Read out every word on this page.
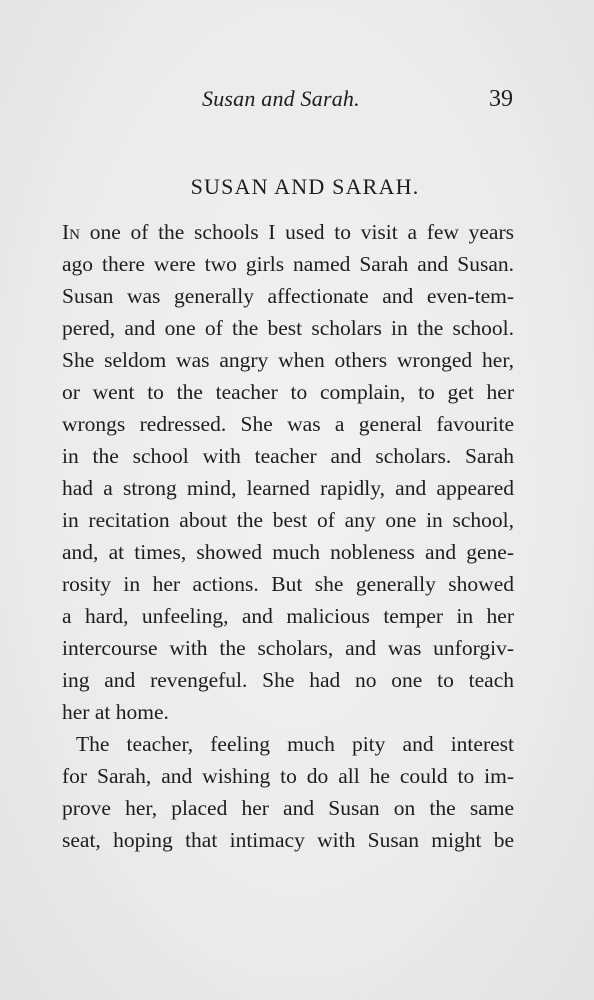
Susan and Sarah.	39
SUSAN AND SARAH.
In one of the schools I used to visit a few years
ago there were two girls named Sarah and Susan.
Susan was generally affectionate and even-tem-
pered, and one of the best scholars in the school.
She seldom was angry when others wronged her,
or went to the teacher to complain, to get her
wrongs redressed. She was a general favourite
in the school with teacher and scholars. Sarah
had a strong mind, learned rapidly, and appeared
in recitation about the best of any one in school,
and, at times, showed much nobleness and gene-
rosity in her actions. But she generally showed
a hard, unfeeling, and malicious temper in her
intercourse with the scholars, and was unforgiv-
ing and revengeful. She had no one to teach
her at home.
The teacher, feeling much pity and interest
for Sarah, and wishing to do all he could to im-
prove her, placed her and Susan on the same
seat, hoping that intimacy with Susan might be
